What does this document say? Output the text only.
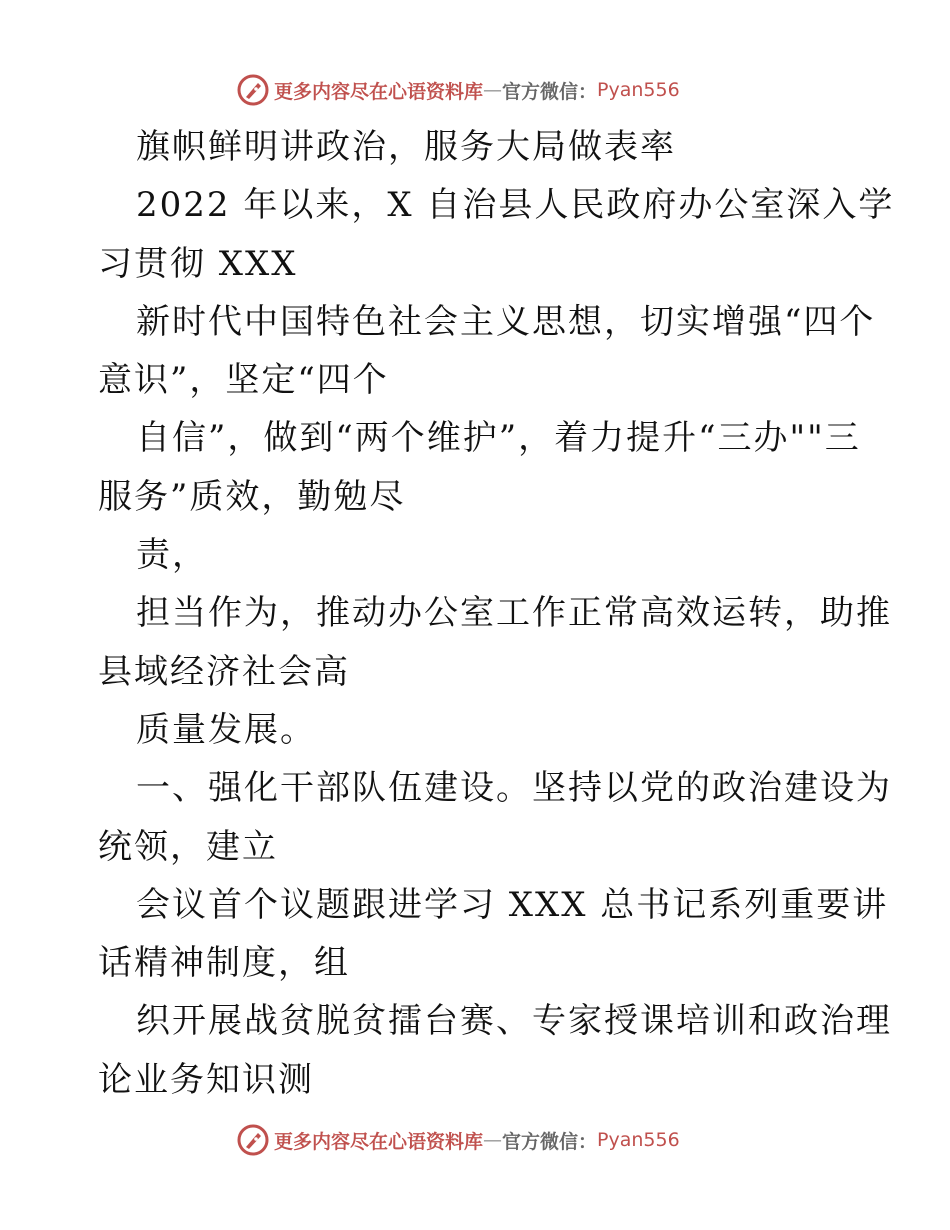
更多内容尽在心语资料库 — 官方微信： Pyan556
旗帜鲜明讲政治，服务大局做表率
2022 年以来，X 自治县人民政府办公室深入学
习贯彻 XXX
新时代中国特色社会主义思想，切实增强“四个
意识”，坚定“四个
自信”，做到“两个维护”，着力提升“三办""三
服务”质效，勤勉尽
责，
担当作为，推动办公室工作正常高效运转，助推
县域经济社会高
质量发展。
一、强化干部队伍建设。坚持以党的政治建设为
统领，建立
会议首个议题跟进学习 XXX 总书记系列重要讲
话精神制度，组
织开展战贫脱贫擂台赛、专家授课培训和政治理
论业务知识测
更多内容尽在心语资料库 — 官方微信： Pyan556
